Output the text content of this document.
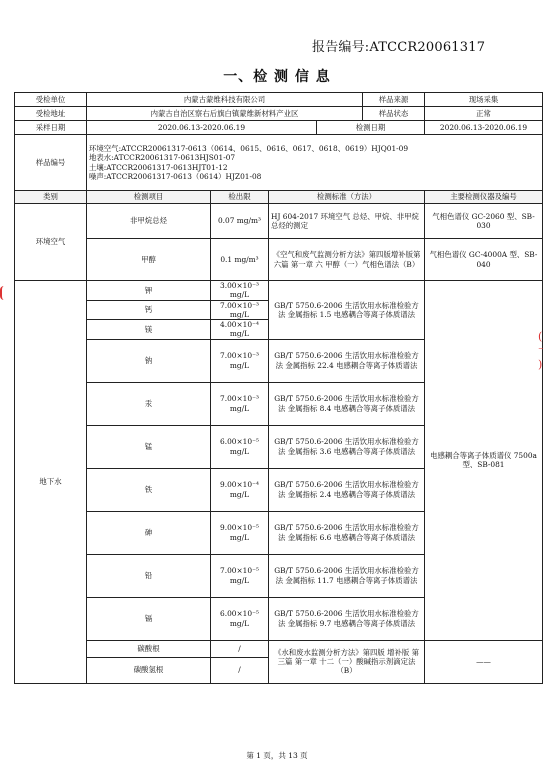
报告编号:ATCCR20061317
一、检 测 信 息
受检单位	内蒙古蒙维科技有限公司				样品来源	现场采集
受检地址	内蒙古自治区察右后旗白镇蒙维新材料产业区				样品状态	正常
采样日期	2020.06.13-2020.06.19			检测日期		2020.06.13-2020.06.19
样品编号	环境空气:ATCCR20061317-0613（0614、0615、0616、0617、0618、0619）HJQ01-09
地表水:ATCCR20061317-0613HJS01-07
土壤:ATCCR20061317-0613HJT01-12
噪声:ATCCR20061317-0613（0614）HJZ01-08					

类别	检测项目	检出限	检测标准（方法）			主要检测仪器及编号
环境空气	非甲烷总烃	0.07 mg/m³	HJ 604-2017 环境空气 总烃、甲烷、非甲烷总烃的测定			气相色谱仪 GC-2060 型、SB-030
	甲醇	0.1 mg/m³	《空气和废气监测分析方法》第四版增补版第六篇 第一章 六 甲醇（一）气相色谱法（B）			气相色谱仪 GC-4000A 型、SB-040
地下水	钾	3.00×10⁻³ mg/L	GB/T 5750.6-2006 生活饮用水标准检验方法 金属指标 1.5 电感耦合等离子体质谱法			电感耦合等离子体质谱仪 7500a 型、SB-081
	钙	7.00×10⁻³ mg/L				
	镁	4.00×10⁻⁴ mg/L				
	钠	7.00×10⁻³ mg/L	GB/T 5750.6-2006 生活饮用水标准检验方法 金属指标 22.4 电感耦合等离子体质谱法			
	汞	7.00×10⁻³ mg/L	GB/T 5750.6-2006 生活饮用水标准检验方法 金属指标 8.4 电感耦合等离子体质谱法			
	锰	6.00×10⁻⁵ mg/L	GB/T 5750.6-2006 生活饮用水标准检验方法 金属指标 3.6 电感耦合等离子体质谱法			
	铁	9.00×10⁻⁴ mg/L	GB/T 5750.6-2006 生活饮用水标准检验方法 金属指标 2.4 电感耦合等离子体质谱法			
	砷	9.00×10⁻⁵ mg/L	GB/T 5750.6-2006 生活饮用水标准检验方法 金属指标 6.6 电感耦合等离子体质谱法			
	铅	7.00×10⁻⁵ mg/L	GB/T 5750.6-2006 生活饮用水标准检验方法 金属指标 11.7 电感耦合等离子体质谱法			
	镉	6.00×10⁻⁵ mg/L	GB/T 5750.6-2006 生活饮用水标准检验方法 金属指标 9.7 电感耦合等离子体质谱法			
	碳酸根	/	《水和废水监测分析方法》第四版 增补版 第三篇 第一章 十二（一）酸碱指示剂滴定法（B）			——
	碳酸氢根	/				
(
⁻
)
第 1 页，共 13 页
